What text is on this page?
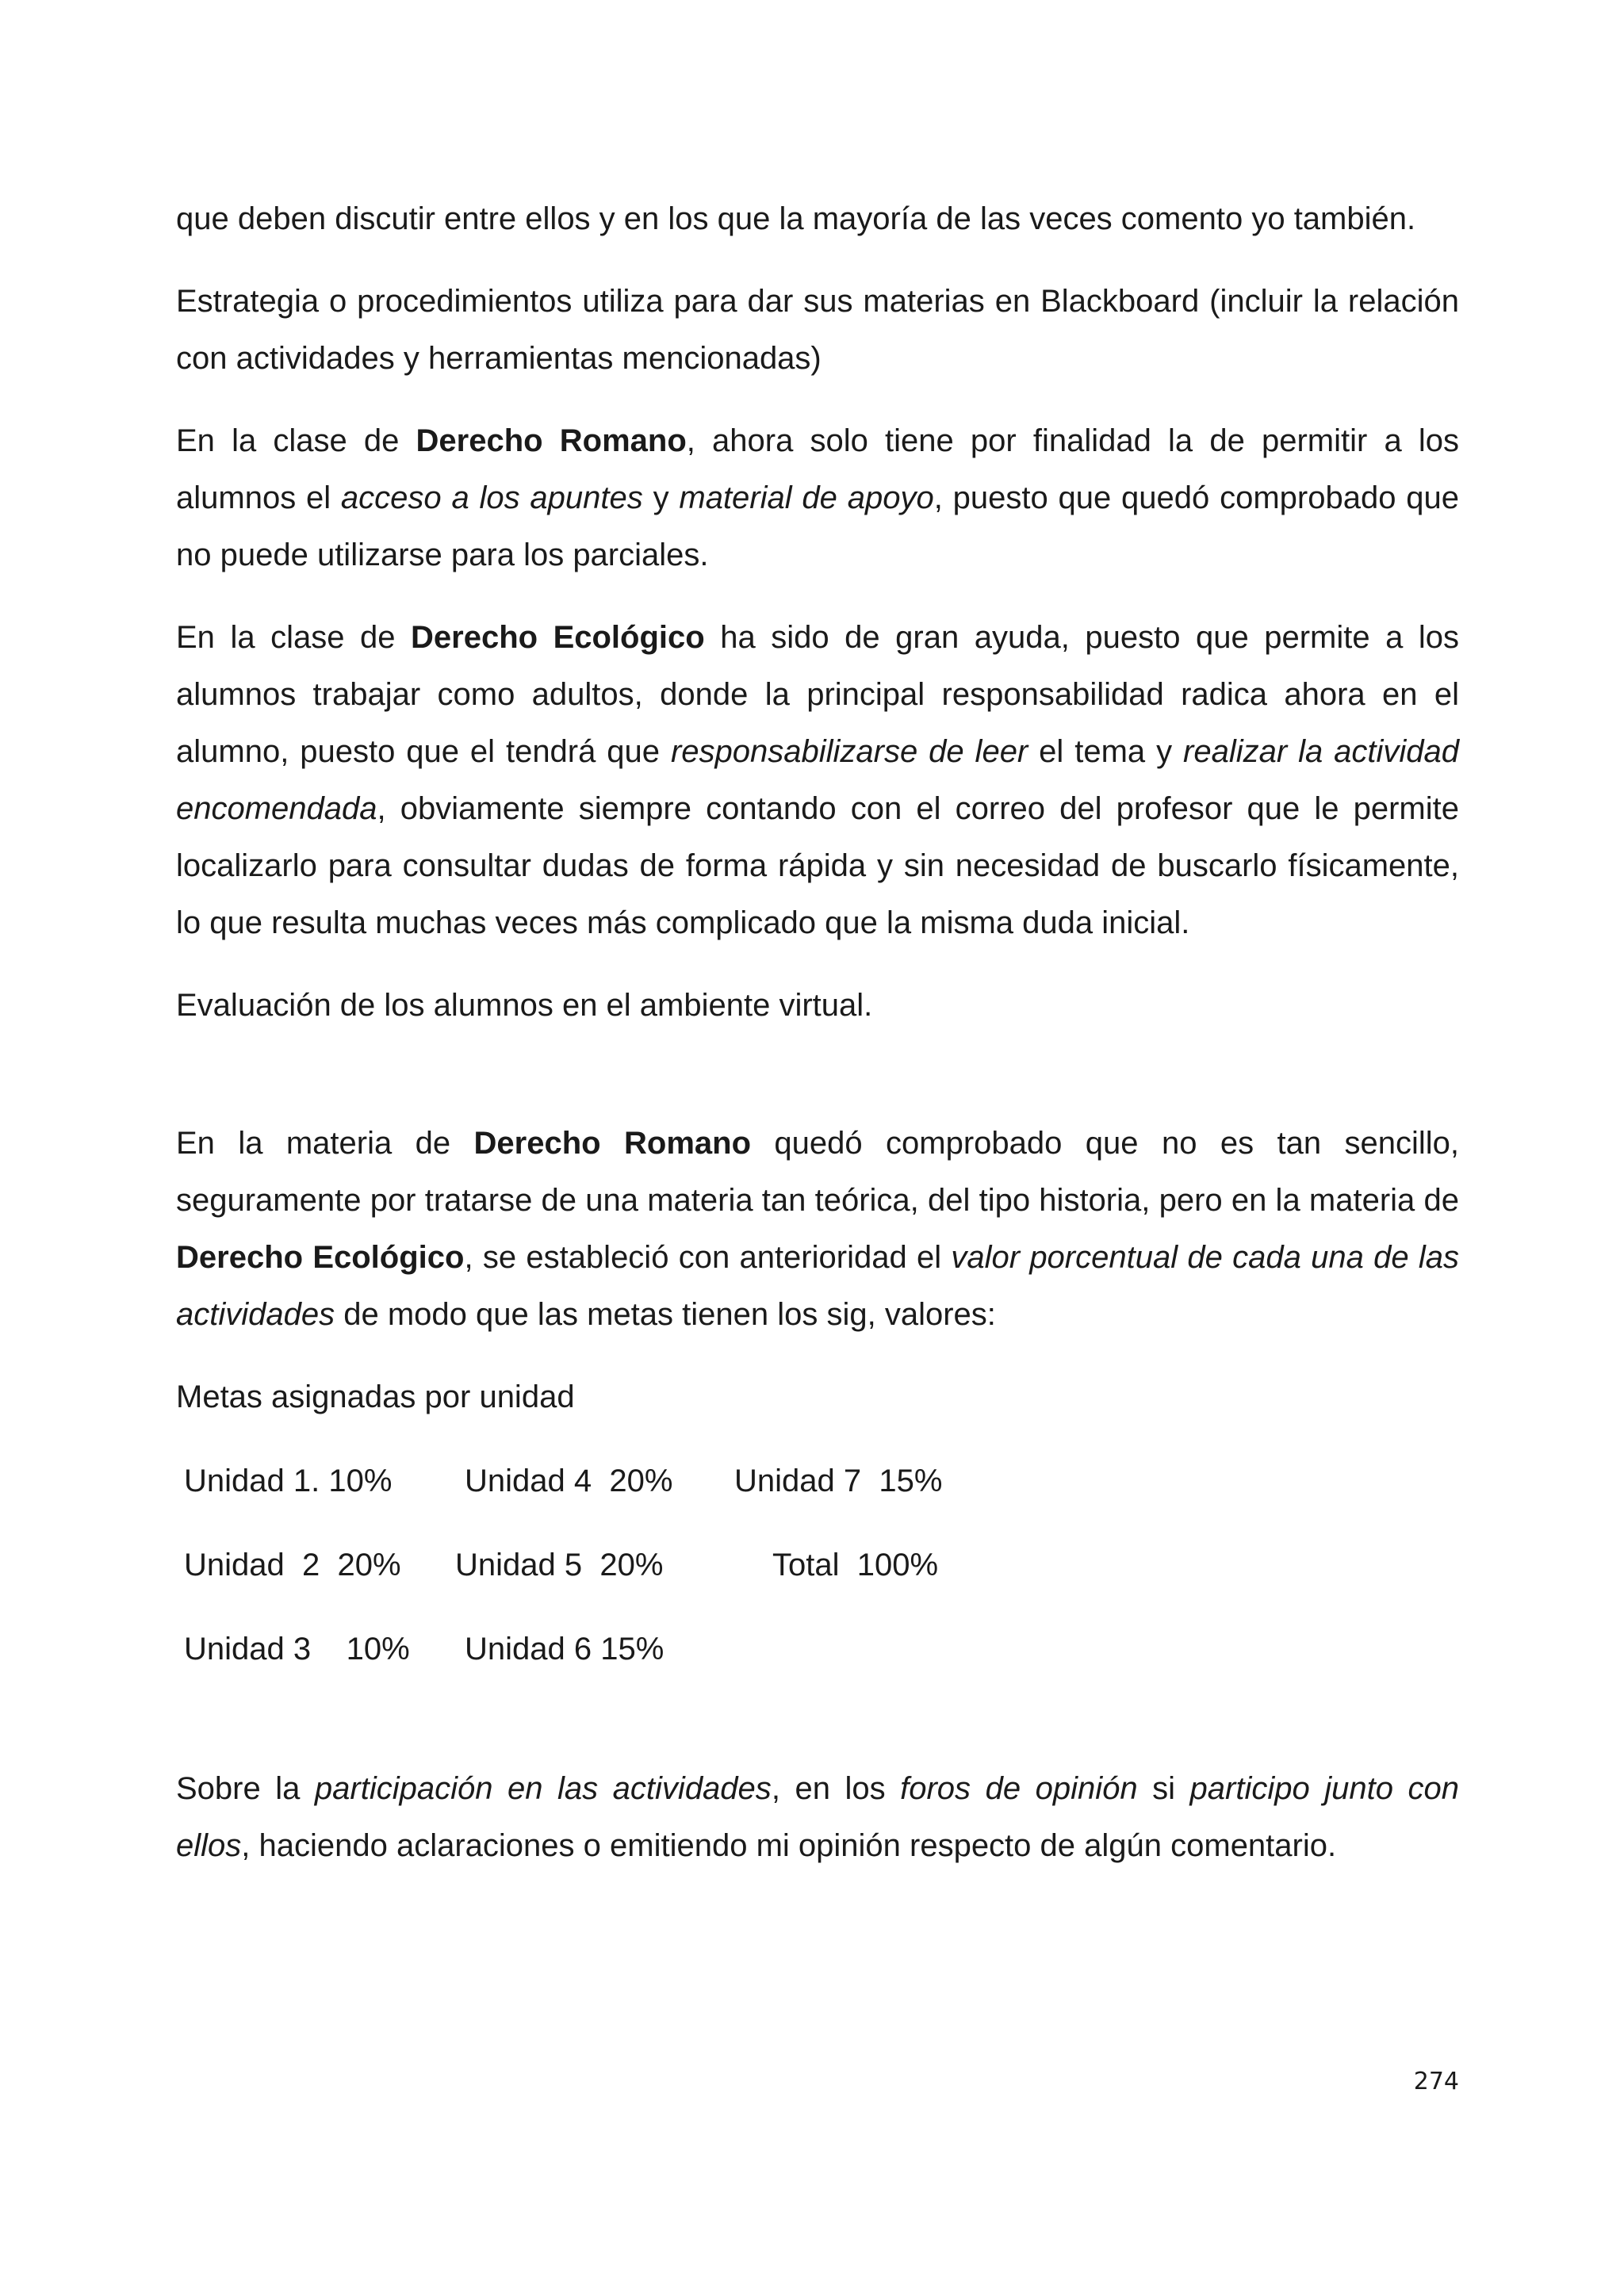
que deben discutir entre ellos y en los que la mayoría de las veces comento yo también.

Estrategia o procedimientos utiliza para dar sus materias en Blackboard (incluir la relación con actividades y herramientas mencionadas)

En la clase de Derecho Romano, ahora solo tiene por finalidad la de permitir a los alumnos el acceso a los apuntes y material de apoyo, puesto que quedó comprobado que no puede utilizarse para los parciales.

En la clase de Derecho Ecológico ha sido de gran ayuda, puesto que permite a los alumnos trabajar como adultos, donde la principal responsabilidad radica ahora en el alumno, puesto que el tendrá que responsabilizarse de leer el tema y realizar la actividad encomendada, obviamente siempre contando con el correo del profesor que le permite localizarlo para consultar dudas de forma rápida y sin necesidad de buscarlo físicamente, lo que resulta muchas veces más complicado que la misma duda inicial.

Evaluación de los alumnos en el ambiente virtual.

En la materia de Derecho Romano quedó comprobado que no es tan sencillo, seguramente por tratarse de una materia tan teórica, del tipo historia, pero en la materia de Derecho Ecológico, se estableció con anterioridad el valor porcentual de cada una de las actividades de modo que las metas tienen los sig, valores:

Metas asignadas por unidad

Unidad 1. 10% Unidad 4  20% Unidad 7  15%
Unidad  2  20% Unidad 5  20%	Total  100%
Unidad 3    10% Unidad 6 15%

Sobre la participación en las actividades, en los foros de opinión si participo junto con ellos, haciendo aclaraciones o emitiendo mi opinión respecto de algún comentario.

274
